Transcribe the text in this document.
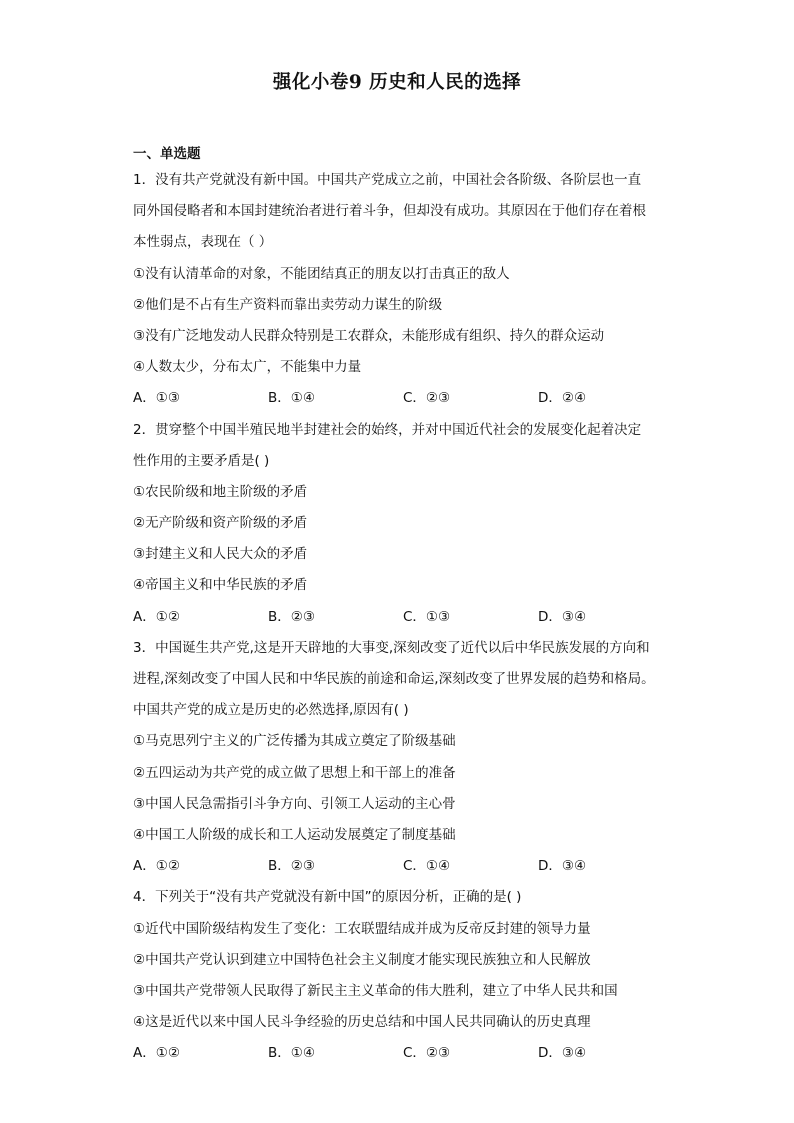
强化小卷9 历史和人民的选择
一、单选题
1．没有共产党就没有新中国。中国共产党成立之前，中国社会各阶级、各阶层也一直
同外国侵略者和本国封建统治者进行着斗争，但却没有成功。其原因在于他们存在着根
本性弱点，表现在（ ）
①没有认清革命的对象，不能团结真正的朋友以打击真正的敌人
②他们是不占有生产资料而靠出卖劳动力谋生的阶级
③没有广泛地发动人民群众特别是工农群众，未能形成有组织、持久的群众运动
④人数太少，分布太广，不能集中力量
A．①③	B．①④	C．②③	D．②④
2．贯穿整个中国半殖民地半封建社会的始终，并对中国近代社会的发展变化起着决定
性作用的主要矛盾是( )
①农民阶级和地主阶级的矛盾
②无产阶级和资产阶级的矛盾
③封建主义和人民大众的矛盾
④帝国主义和中华民族的矛盾
A．①②	B．②③	C．①③	D．③④
3．中国诞生共产党,这是开天辟地的大事变,深刻改变了近代以后中华民族发展的方向和
进程,深刻改变了中国人民和中华民族的前途和命运,深刻改变了世界发展的趋势和格局。
中国共产党的成立是历史的必然选择,原因有( )
①马克思列宁主义的广泛传播为其成立奠定了阶级基础
②五四运动为共产党的成立做了思想上和干部上的准备
③中国人民急需指引斗争方向、引领工人运动的主心骨
④中国工人阶级的成长和工人运动发展奠定了制度基础
A．①②	B．②③	C．①④	D．③④
4．下列关于“没有共产党就没有新中国”的原因分析，正确的是( )
①近代中国阶级结构发生了变化：工农联盟结成并成为反帝反封建的领导力量
②中国共产党认识到建立中国特色社会主义制度才能实现民族独立和人民解放
③中国共产党带领人民取得了新民主主义革命的伟大胜利，建立了中华人民共和国
④这是近代以来中国人民斗争经验的历史总结和中国人民共同确认的历史真理
A．①②	B．①④	C．②③	D．③④
